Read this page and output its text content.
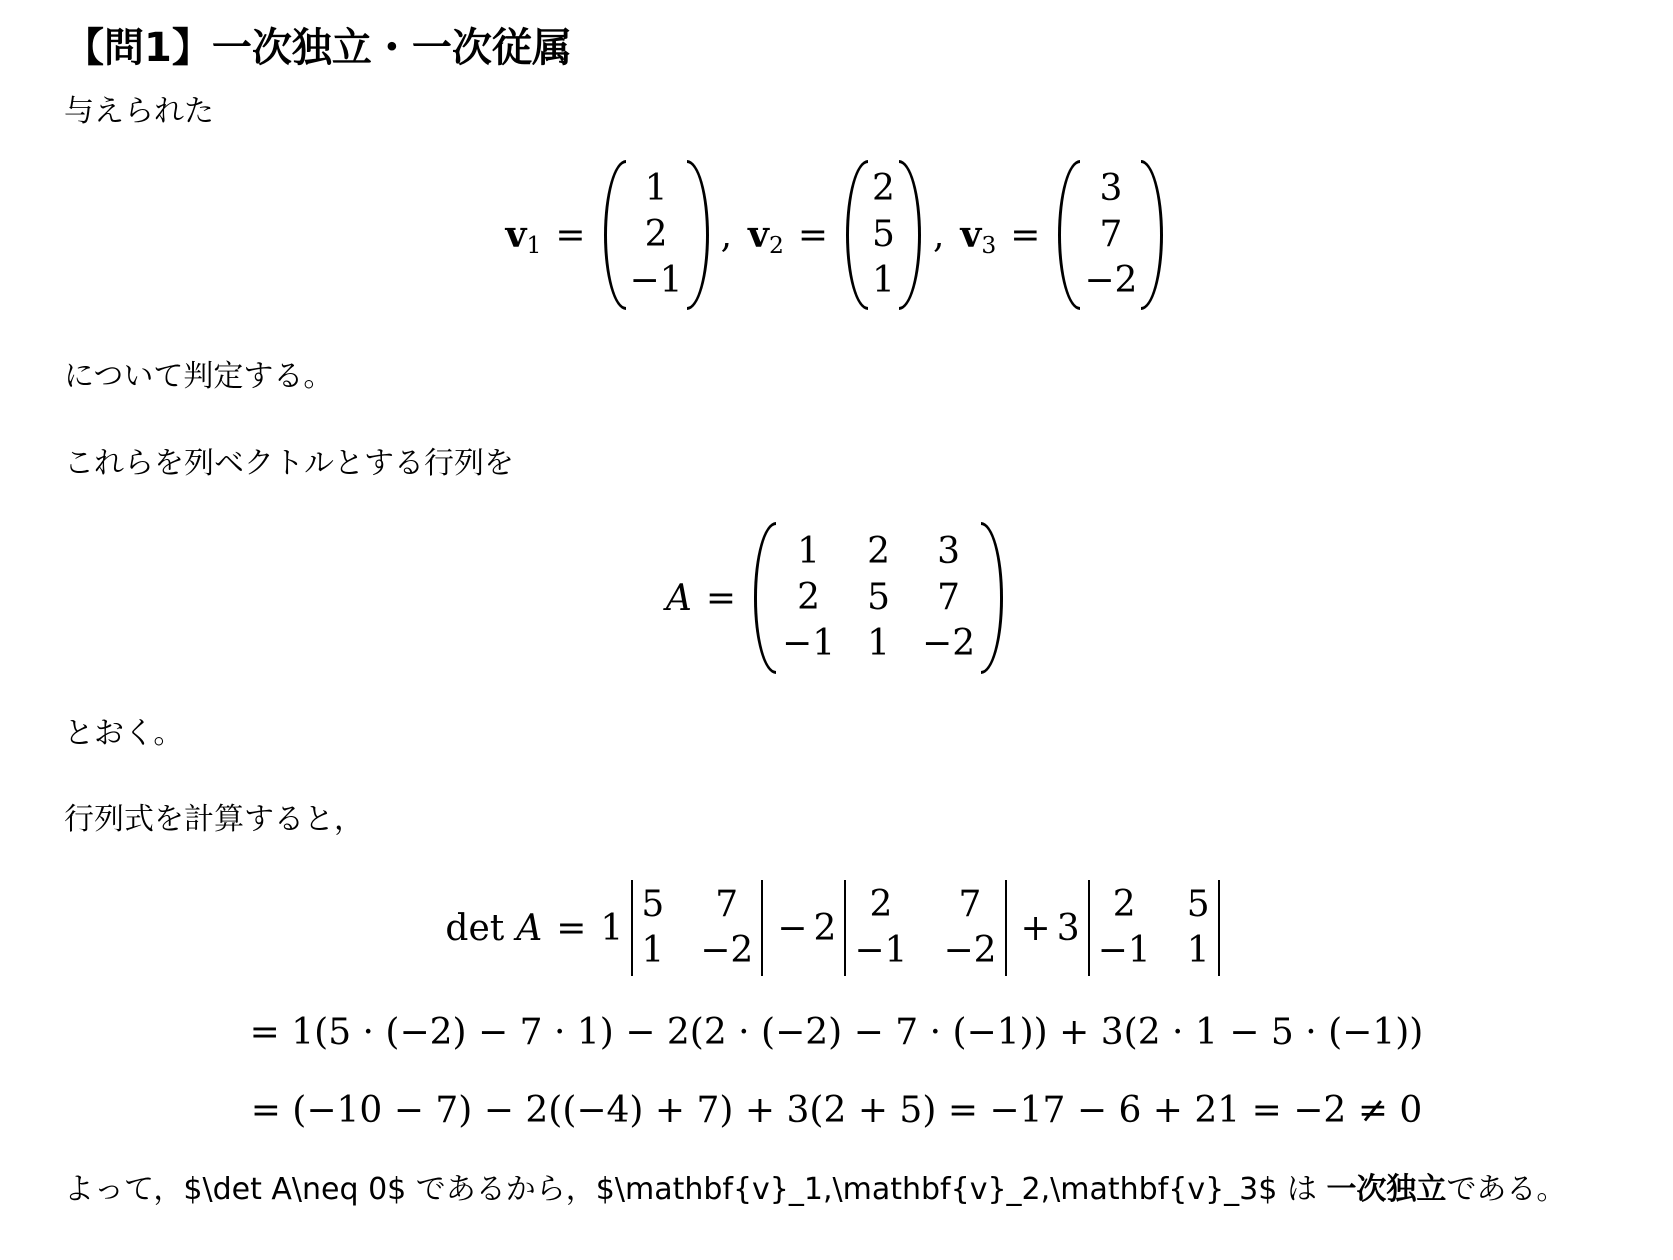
【問1】一次独立・一次従属

与えられた

$v_1$ =
1
2
−1
, $v_2$ =
2
5
1
, $v_3$ =
3
7
−2

について判定する。

これらを列ベクトルとする行列を

A =
1	2	3
2	5	7
−1 1 −2

とおく。

行列式を計算すると，

det A = 1
5	7
1 −2
− 2
2	7
−1 −2
+ 3
2	5
−1 1
= 1(5 · (−2) − 7 · 1) − 2(2 · (−2) − 7 · (−1)) + 3(2 · 1 − 5 · (−1))
= (−10 − 7) − 2((−4) + 7) + 3(2 + 5) = −17 − 6 + 21 = −2 ≠ 0

よって，$\det A\neq 0$ であるから，$\mathbf{v}_1,\mathbf{v}_2,\mathbf{v}_3$ は 一次独立である。
